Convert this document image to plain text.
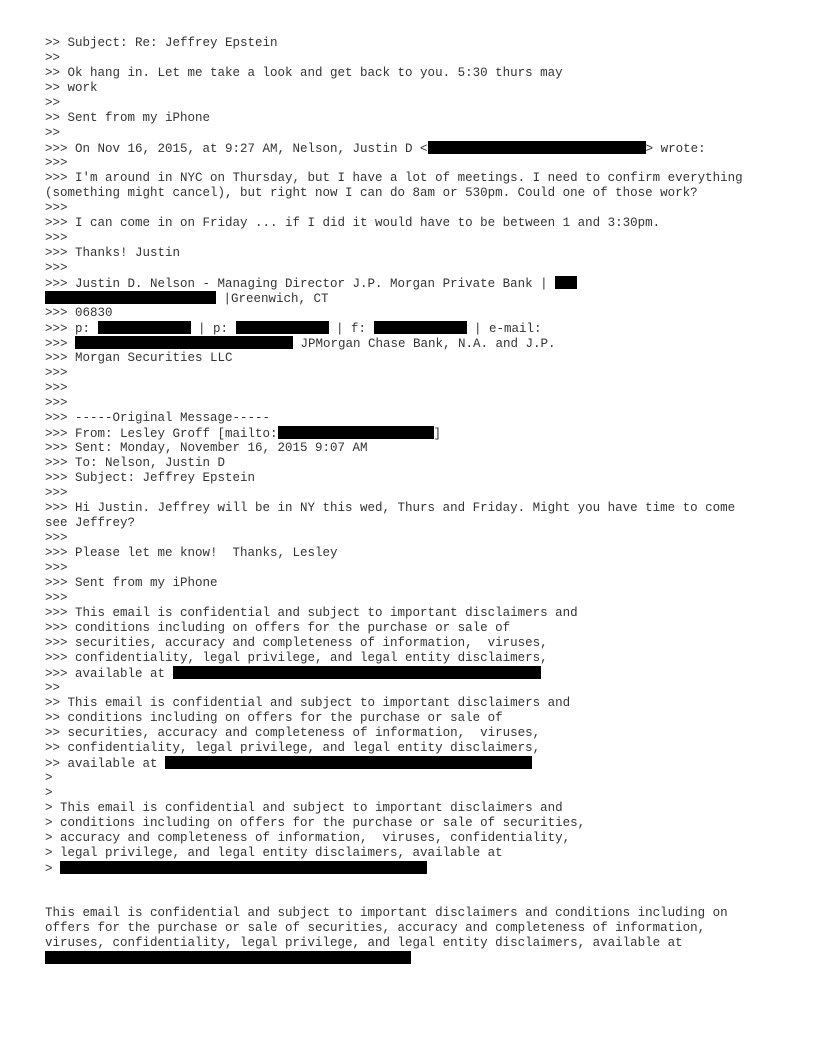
>> Subject: Re: Jeffrey Epstein
>>
>> Ok hang in. Let me take a look and get back to you. 5:30 thurs may
>> work
>>
>> Sent from my iPhone
>>
>>> On Nov 16, 2015, at 9:27 AM, Nelson, Justin D <	> wrote:
>>>
>>> I'm around in NYC on Thursday, but I have a lot of meetings. I need to confirm everything
(something might cancel), but right now I can do 8am or 530pm. Could one of those work?
>>>
>>> I can come in on Friday ... if I did it would have to be between 1 and 3:30pm.
>>>
>>> Thanks! Justin
>>>
>>> Justin D. Nelson - Managing Director J.P. Morgan Private Bank |
|Greenwich, CT
>>> 06830
>>> p:	| p:	| f:	| e-mail:
>>>	JPMorgan Chase Bank, N.A. and J.P.
>>> Morgan Securities LLC
>>>
>>>
>>>
>>> -----Original Message-----
>>> From: Lesley Groff [mailto:	]
>>> Sent: Monday, November 16, 2015 9:07 AM
>>> To: Nelson, Justin D
>>> Subject: Jeffrey Epstein
>>>
>>> Hi Justin. Jeffrey will be in NY this wed, Thurs and Friday. Might you have time to come
see Jeffrey?
>>>
>>> Please let me know!  Thanks, Lesley
>>>
>>> Sent from my iPhone
>>>
>>> This email is confidential and subject to important disclaimers and
>>> conditions including on offers for the purchase or sale of
>>> securities, accuracy and completeness of information,  viruses,
>>> confidentiality, legal privilege, and legal entity disclaimers,
>>> available at
>>
>> This email is confidential and subject to important disclaimers and
>> conditions including on offers for the purchase or sale of
>> securities, accuracy and completeness of information,  viruses,
>> confidentiality, legal privilege, and legal entity disclaimers,
>> available at
>
>
> This email is confidential and subject to important disclaimers and
> conditions including on offers for the purchase or sale of securities,
> accuracy and completeness of information,  viruses, confidentiality,
> legal privilege, and legal entity disclaimers, available at
>
This email is confidential and subject to important disclaimers and conditions including on
offers for the purchase or sale of securities, accuracy and completeness of information,
viruses, confidentiality, legal privilege, and legal entity disclaimers, available at
